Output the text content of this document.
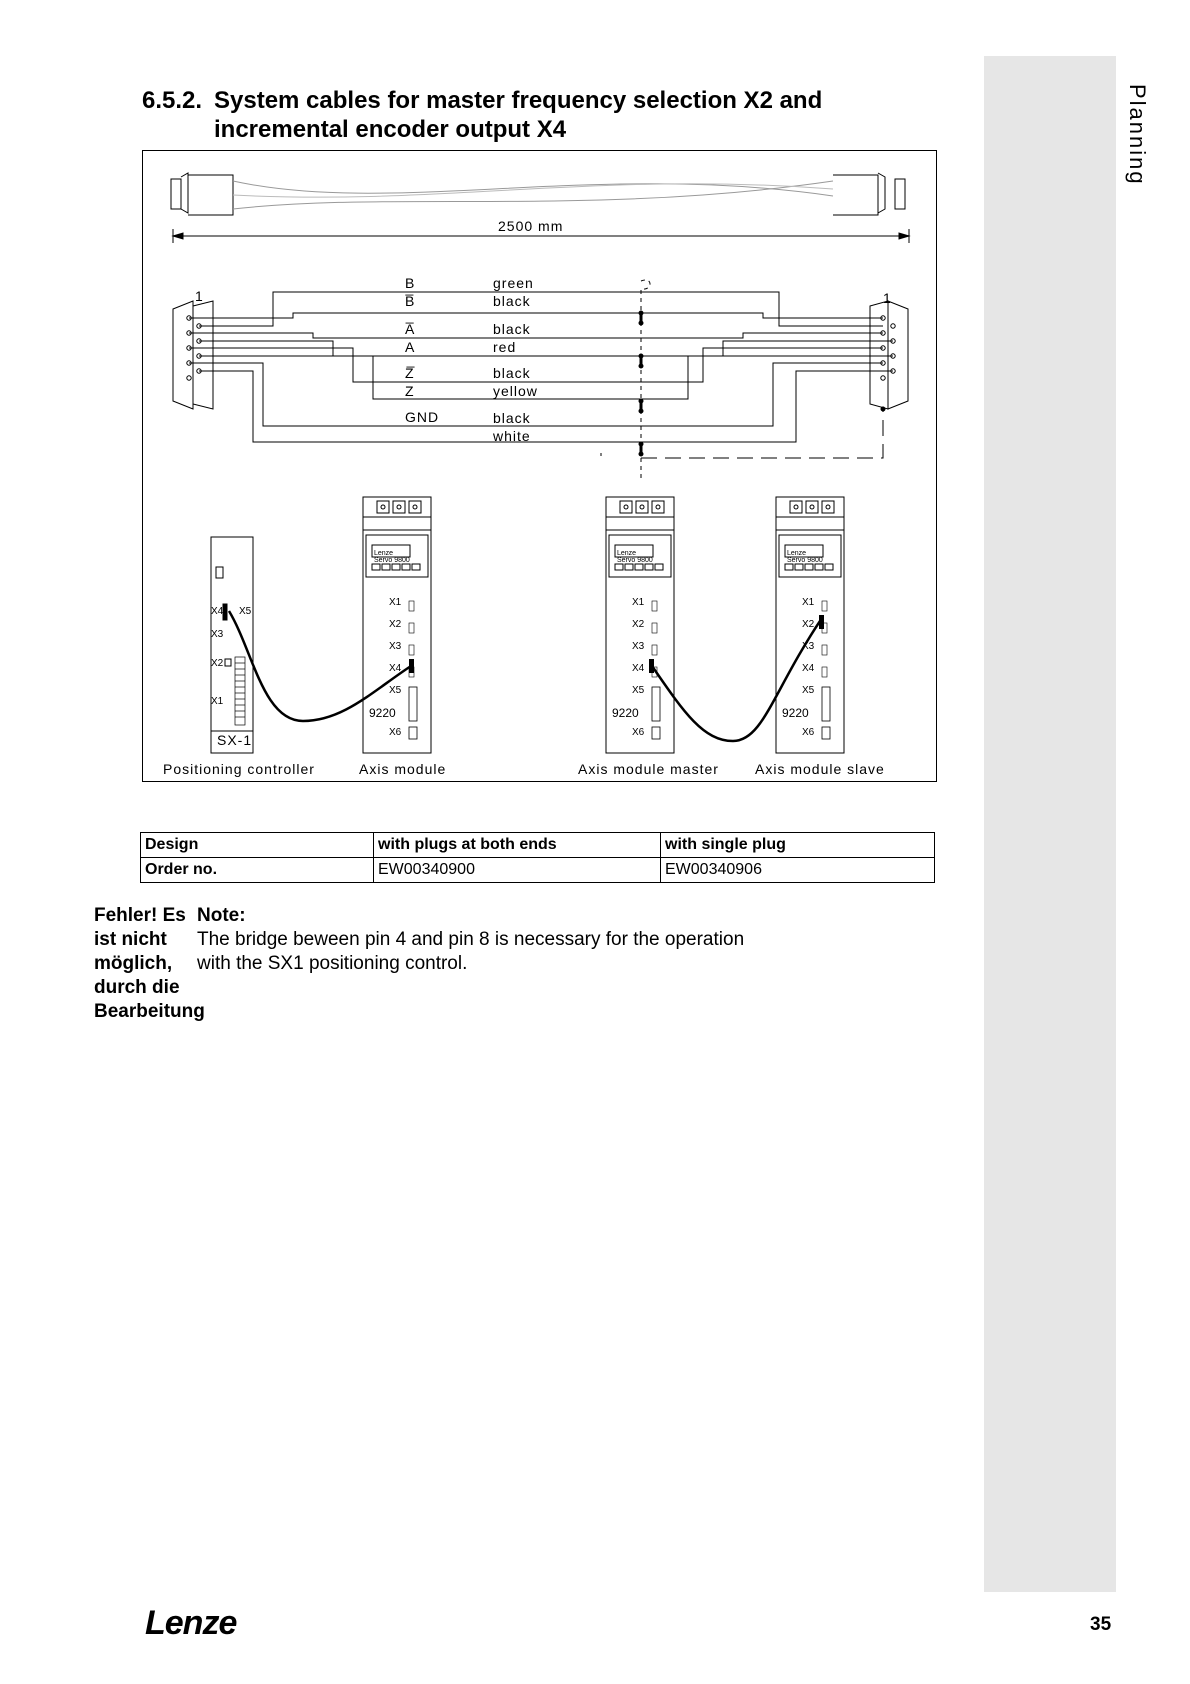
Planning
6.5.2. System cables for master frequency selection X2 and
incremental encoder output X4
2500 mm
1	1
B
B̅
A̅
A
Z̅
Z
GND
green
black
black
red
black
yellow
black
white
X4 X5
X3
X2
X1
SX-1
X1
X2
X3
X4
X5
X6
X1
X2
X3
X4
X5
X6
X1
X2
X3
X4
X5
X6
Lenze
Servo 9800
Lenze
Servo 9800
Lenze
Servo 9800
9220	9220	9220
Positioning controller	Axis module	Axis module master	Axis module slave
Design	with plugs at both ends	with single plug
Order no.	EW00340900	EW00340906
Fehler! Es ist nicht möglich, durch die Bearbeitung
Note:
The bridge beween pin 4 and pin 8 is necessary for the operation with the SX1 positioning control.
Lenze	35
